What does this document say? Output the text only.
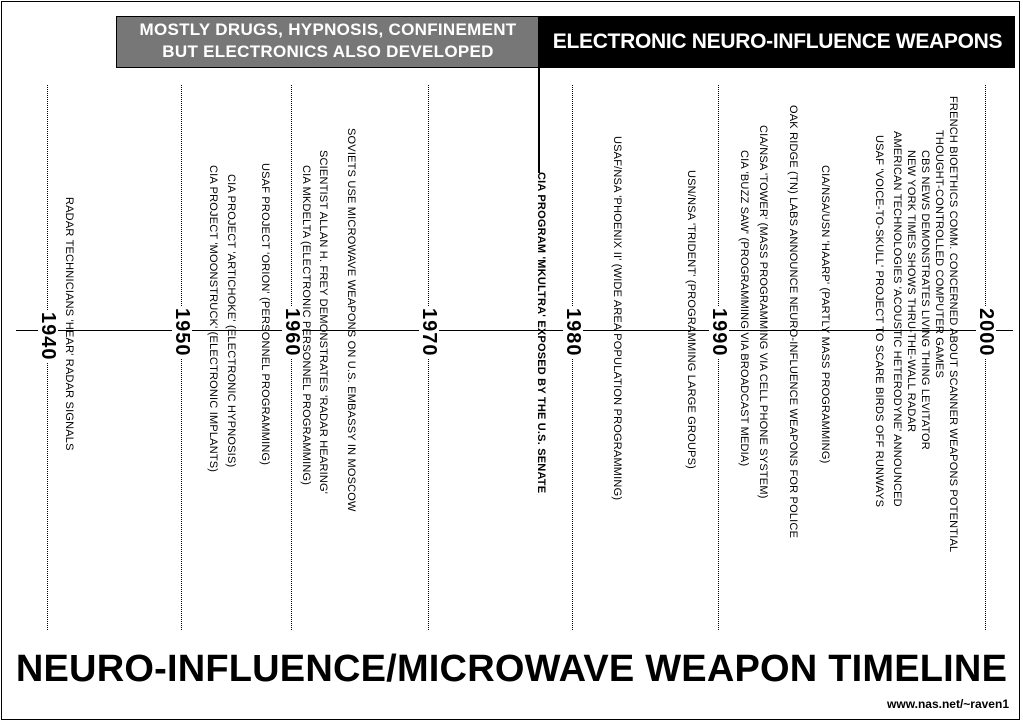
MOSTLY DRUGS, HYPNOSIS, CONFINEMENT
BUT ELECTRONICS ALSO DEVELOPED	ELECTRONIC NEURO-INFLUENCE WEAPONS
1940	1950	1960	1970	1980	1990	2000
RADAR TECHNICIANS 'HEAR' RADAR SIGNALS	CIA PROJECT 'MOONSTRUCK' (ELECTRONIC IMPLANTS) CIA PROJECT 'ARTICHOKE' (ELECTRONIC HYPNOSIS) USAF PROJECT 'ORION' (PERSONNEL PROGRAMMING)	CIA MKDELTA (ELECTRONIC PERSONNEL PROGRAMMING) SCIENTIST ALLAN H. FREY DEMONSTRATES 'RADAR HEARING' SOVIETS USE MICROWAVE WEAPONS ON U.S. EMBASSY IN MOSCOW	CIA PROGRAM 'MKULTRA' EXPOSED BY THE U.S. SENATE	USAF/NSA 'PHOENIX II' (WIDE AREA POPULATION PROGRAMMING)	USN/NSA 'TRIDENT' (PROGRAMMING LARGE GROUPS)	CIA 'BUZZ SAW' (PROGRAMMING VIA BROADCAST MEDIA) CIA/NSA 'TOWER' (MASS PROGRAMMING VIA CELL PHONE SYSTEM) OAK RIDGE (TN) LABS ANNOUNCE NEURO-INFLUENCE WEAPONS FOR POLICE CIA/NSA/USN 'HAARP' (PARTLY MASS PROGRAMMING)	USAF 'VOICE-TO-SKULL' PROJECT TO SCARE BIRDS OFF RUNWAYS AMERICAN TECHNOLOGIES 'ACOUSTIC HETERODYNE' ANNOUNCED NEW YORK TIMES SHOWS THRU-THE-WALL RADAR CBS NEWS DEMONSTRATES LIVING THING LEVITATOR THOUGHT-CONTROLLED COMPUTER GAMES FRENCH BIOETHICS COMM. CONCERNED ABOUT SCANNER WEAPONS POTENTIAL
NEURO-INFLUENCE/MICROWAVE WEAPON TIMELINE
www.nas.net/~raven1
